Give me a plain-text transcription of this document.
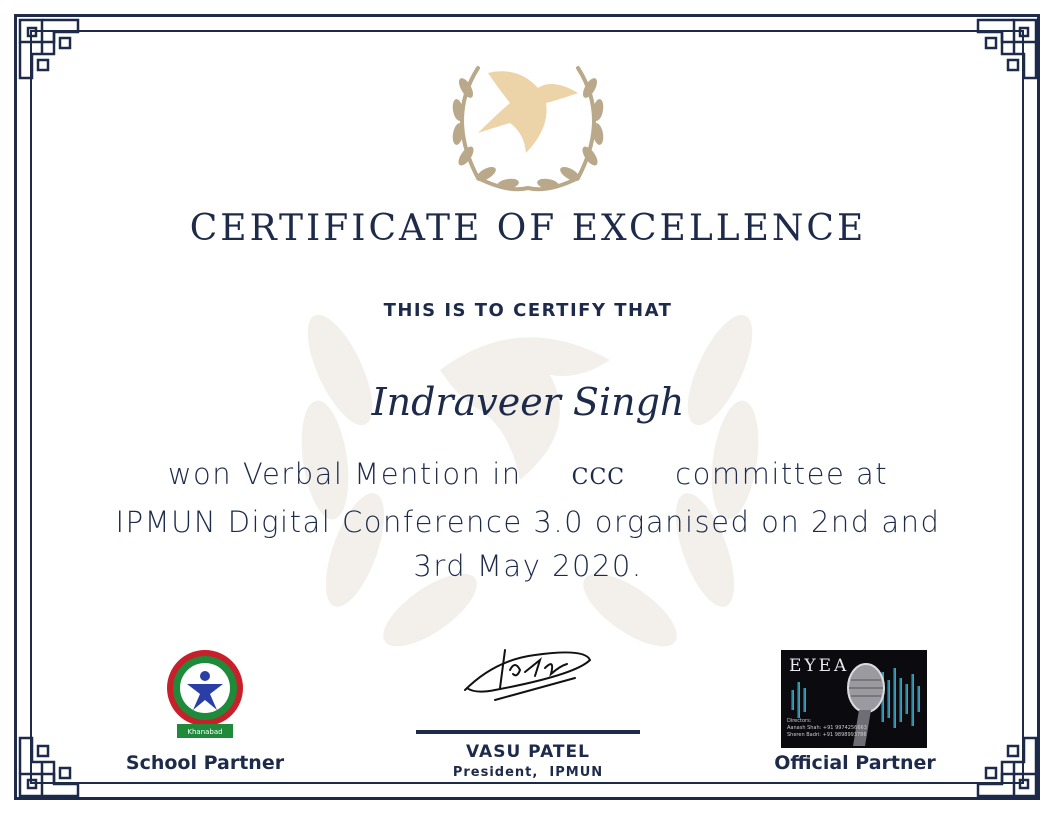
CERTIFICATE OF EXCELLENCE
THIS IS TO CERTIFY THAT
Indraveer Singh
won Verbal Mention in CCC committee at
IPMUN Digital Conference 3.0 organised on 2nd and
3rd May 2020.
Khanabad
School Partner	VASU PATEL
President,  IPMUN
EYEA
Directors:
Aanash Shah: +91 9974256663
Sheren Badri: +91 9898993786
Official Partner
